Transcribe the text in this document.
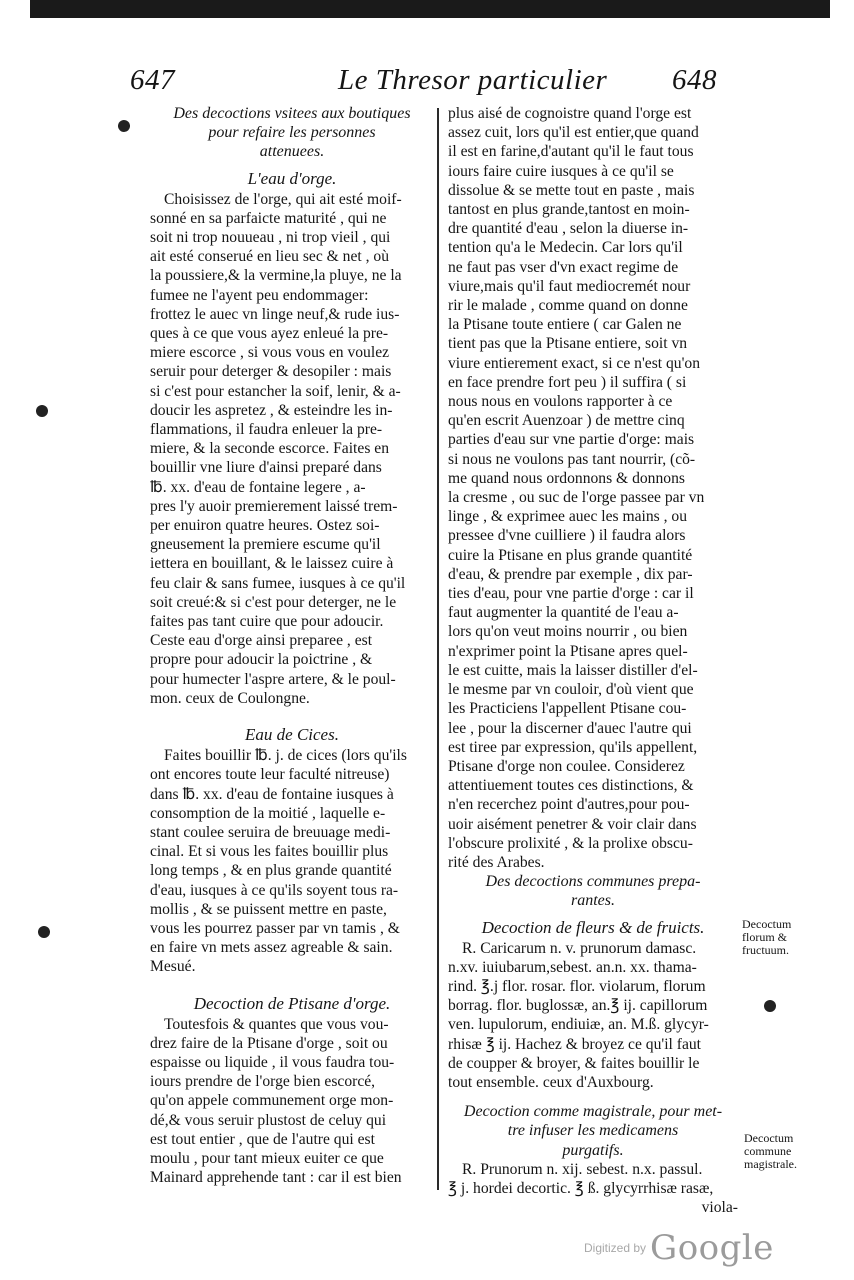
647	Le Thresor particulier 648
Des decoctions vsitees aux boutiques
pour refaire les personnes
attenuees.
L'eau d'orge.
Choisissez de l'orge, qui ait esté moif-
sonné en sa parfaicte maturité , qui ne
soit ni trop nouueau , ni trop vieil , qui
ait esté conserué en lieu sec & net , où
la poussiere,& la vermine,la pluye, ne la
fumee ne l'ayent peu endommager:
frottez le auec vn linge neuf,& rude ius-
ques à ce que vous ayez enleué la pre-
miere escorce , si vous vous en voulez
seruir pour deterger & desopiler : mais
si c'est pour estancher la soif, lenir, & a-
doucir les aspretez , & esteindre les in-
flammations, il faudra enleuer la pre-
miere, & la seconde escorce. Faites en
bouillir vne liure d'ainsi preparé dans
℔. xx. d'eau de fontaine legere , a-
pres l'y auoir premierement laissé trem-
per enuiron quatre heures. Ostez soi-
gneusement la premiere escume qu'il
iettera en bouillant, & le laissez cuire à
feu clair & sans fumee, iusques à ce qu'il
soit creué:& si c'est pour deterger, ne le
faites pas tant cuire que pour adoucir.
Ceste eau d'orge ainsi preparee , est
propre pour adoucir la poictrine , &
pour humecter l'aspre artere, & le poul-
mon. ceux de Coulongne.
Eau de Cices.
Faites bouillir ℔. j. de cices (lors qu'ils
ont encores toute leur faculté nitreuse)
dans ℔. xx. d'eau de fontaine iusques à
consomption de la moitié , laquelle e-
stant coulee seruira de breuuage medi-
cinal. Et si vous les faites bouillir plus
long temps , & en plus grande quantité
d'eau, iusques à ce qu'ils soyent tous ra-
mollis , & se puissent mettre en paste,
vous les pourrez passer par vn tamis , &
en faire vn mets assez agreable & sain.
Mesué.
Decoction de Ptisane d'orge.
Toutesfois & quantes que vous vou-
drez faire de la Ptisane d'orge , soit ou
espaisse ou liquide , il vous faudra tou-
iours prendre de l'orge bien escorcé,
qu'on appele communement orge mon-
dé,& vous seruir plustost de celuy qui
est tout entier , que de l'autre qui est
moulu , pour tant mieux euiter ce que
Mainard apprehende tant : car il est bien
plus aisé de cognoistre quand l'orge est
assez cuit, lors qu'il est entier,que quand
il est en farine,d'autant qu'il le faut tous
iours faire cuire iusques à ce qu'il se
dissolue & se mette tout en paste , mais
tantost en plus grande,tantost en moin-
dre quantité d'eau , selon la diuerse in-
tention qu'a le Medecin. Car lors qu'il
ne faut pas vser d'vn exact regime de
viure,mais qu'il faut mediocremét nour
rir le malade , comme quand on donne
la Ptisane toute entiere ( car Galen ne
tient pas que la Ptisane entiere, soit vn
viure entierement exact, si ce n'est qu'on
en face prendre fort peu ) il suffira ( si
nous nous en voulons rapporter à ce
qu'en escrit Auenzoar ) de mettre cinq
parties d'eau sur vne partie d'orge: mais
si nous ne voulons pas tant nourrir, (cõ-
me quand nous ordonnons & donnons
la cresme , ou suc de l'orge passee par vn
linge , & exprimee auec les mains , ou
pressee d'vne cuilliere ) il faudra alors
cuire la Ptisane en plus grande quantité
d'eau, & prendre par exemple , dix par-
ties d'eau, pour vne partie d'orge : car il
faut augmenter la quantité de l'eau a-
lors qu'on veut moins nourrir , ou bien
n'exprimer point la Ptisane apres quel-
le est cuitte, mais la laisser distiller d'el-
le mesme par vn couloir, d'où vient que
les Practiciens l'appellent Ptisane cou-
lee , pour la discerner d'auec l'autre qui
est tiree par expression, qu'ils appellent,
Ptisane d'orge non coulee. Considerez
attentiuement toutes ces distinctions, &
n'en recerchez point d'autres,pour pou-
uoir aisément penetrer & voir clair dans
l'obscure prolixité , & la prolixe obscu-
rité des Arabes.
Des decoctions communes prepa-
rantes.
Decoction de fleurs & de fruicts.
R. Caricarum n. v. prunorum damasc.
n.xv. iuiubarum,sebest. an.n. xx. thama-
rind. ℥.j flor. rosar. flor. violarum, florum
borrag. flor. buglossæ, an.℥ ij. capillorum
ven. lupulorum, endiuiæ, an. M.ß. glycyr-
rhisæ ℥ ij. Hachez & broyez ce qu'il faut
de coupper & broyer, & faites bouillir le
tout ensemble. ceux d'Auxbourg.
Decoction comme magistrale, pour met-
tre infuser les medicamens
purgatifs.
R. Prunorum n. xij. sebest. n.x. passul.
℥ j. hordei decortic. ℥ ß. glycyrrhisæ rasæ,
viola-
Decoctum florum & fructuum.
Decoctum commune magistrale.
Digitized by Google
